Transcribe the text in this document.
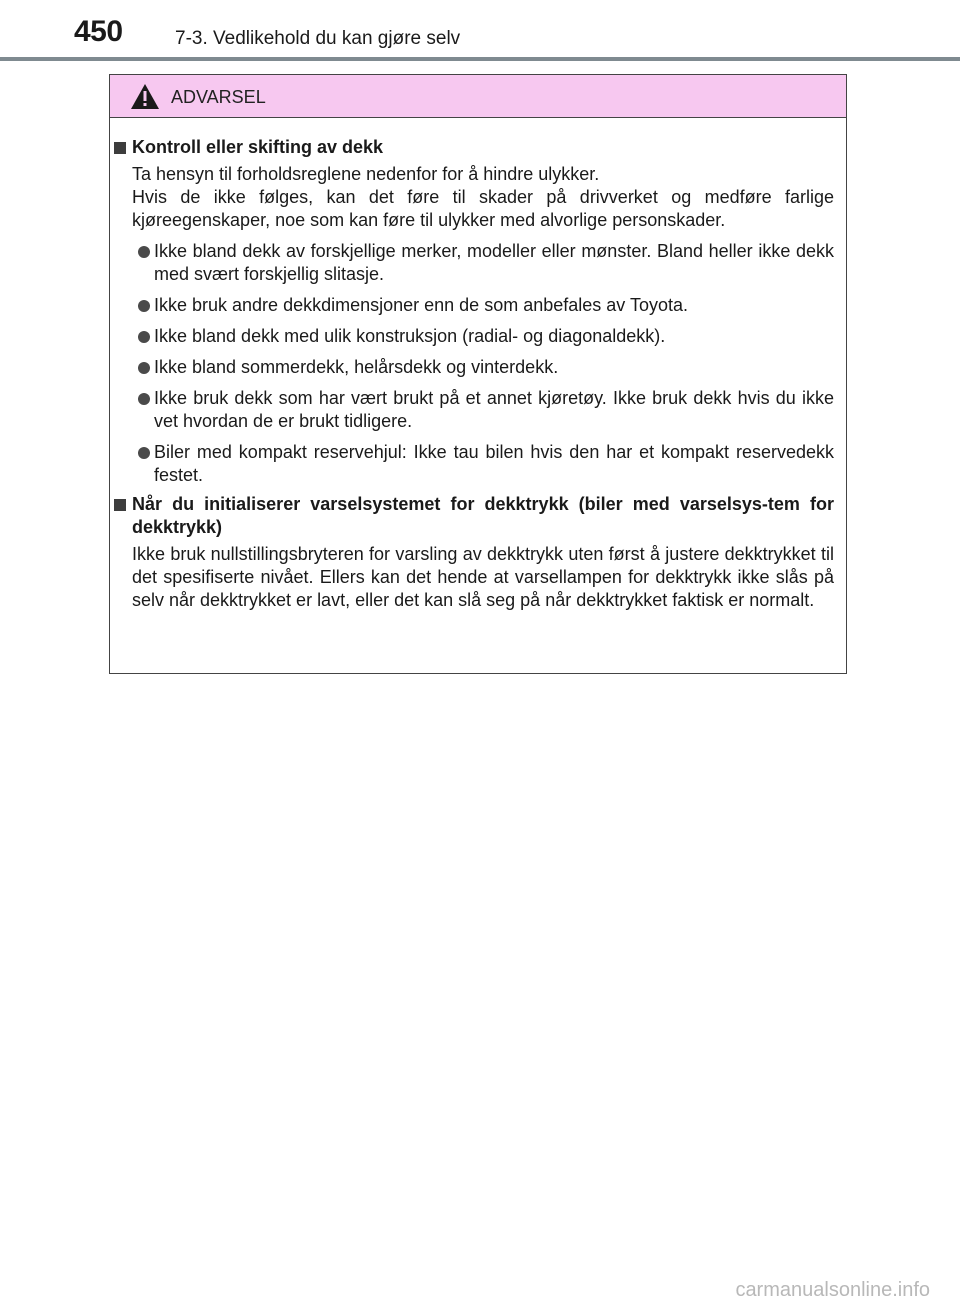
450	7-3. Vedlikehold du kan gjøre selv
ADVARSEL
Kontroll eller skifting av dekk
Ta hensyn til forholdsreglene nedenfor for å hindre ulykker.
Hvis de ikke følges, kan det føre til skader på drivverket og medføre farlige kjøreegenskaper, noe som kan føre til ulykker med alvorlige personskader.
Ikke bland dekk av forskjellige merker, modeller eller mønster. Bland heller ikke dekk med svært forskjellig slitasje.
Ikke bruk andre dekkdimensjoner enn de som anbefales av Toyota.
Ikke bland dekk med ulik konstruksjon (radial- og diagonaldekk).
Ikke bland sommerdekk, helårsdekk og vinterdekk.
Ikke bruk dekk som har vært brukt på et annet kjøretøy. Ikke bruk dekk hvis du ikke vet hvordan de er brukt tidligere.
Biler med kompakt reservehjul: Ikke tau bilen hvis den har et kompakt reservedekk festet.
Når du initialiserer varselsystemet for dekktrykk (biler med varselsys-tem for dekktrykk)
Ikke bruk nullstillingsbryteren for varsling av dekktrykk uten først å justere dekktrykket til det spesifiserte nivået. Ellers kan det hende at varsellampen for dekktrykk ikke slås på selv når dekktrykket er lavt, eller det kan slå seg på når dekktrykket faktisk er normalt.
carmanualsonline.info
